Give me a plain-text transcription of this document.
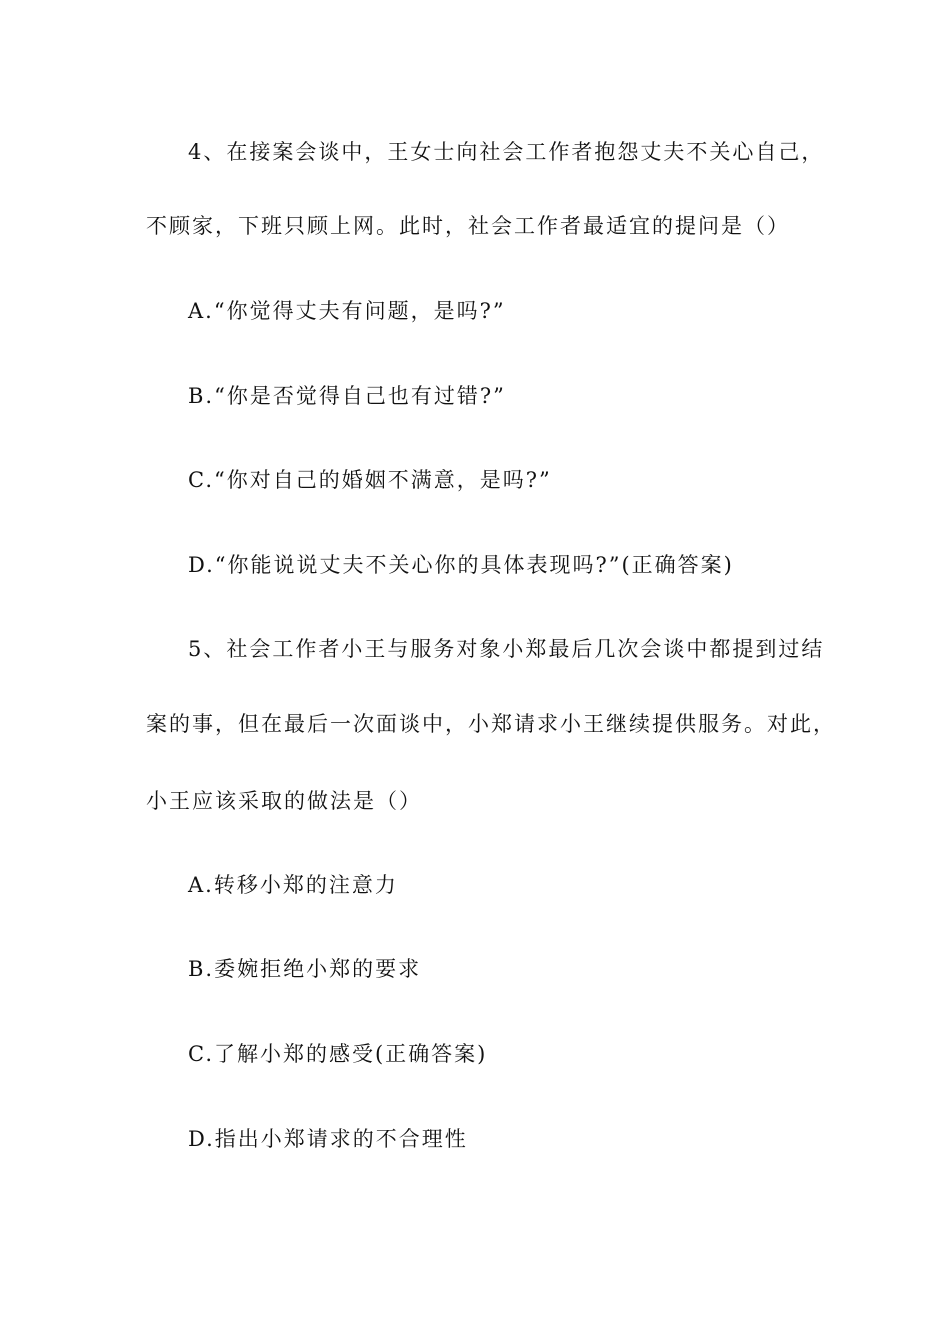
4、在接案会谈中，王女士向社会工作者抱怨丈夫不关心自己，
不顾家，下班只顾上网。此时，社会工作者最适宜的提问是（）
A.“你觉得丈夫有问题，是吗?”
B.“你是否觉得自己也有过错?”
C.“你对自己的婚姻不满意，是吗?”
D.“你能说说丈夫不关心你的具体表现吗?”(正确答案)
5、社会工作者小王与服务对象小郑最后几次会谈中都提到过结
案的事，但在最后一次面谈中，小郑请求小王继续提供服务。对此，
小王应该采取的做法是（）
A.转移小郑的注意力
B.委婉拒绝小郑的要求
C.了解小郑的感受(正确答案)
D.指出小郑请求的不合理性
